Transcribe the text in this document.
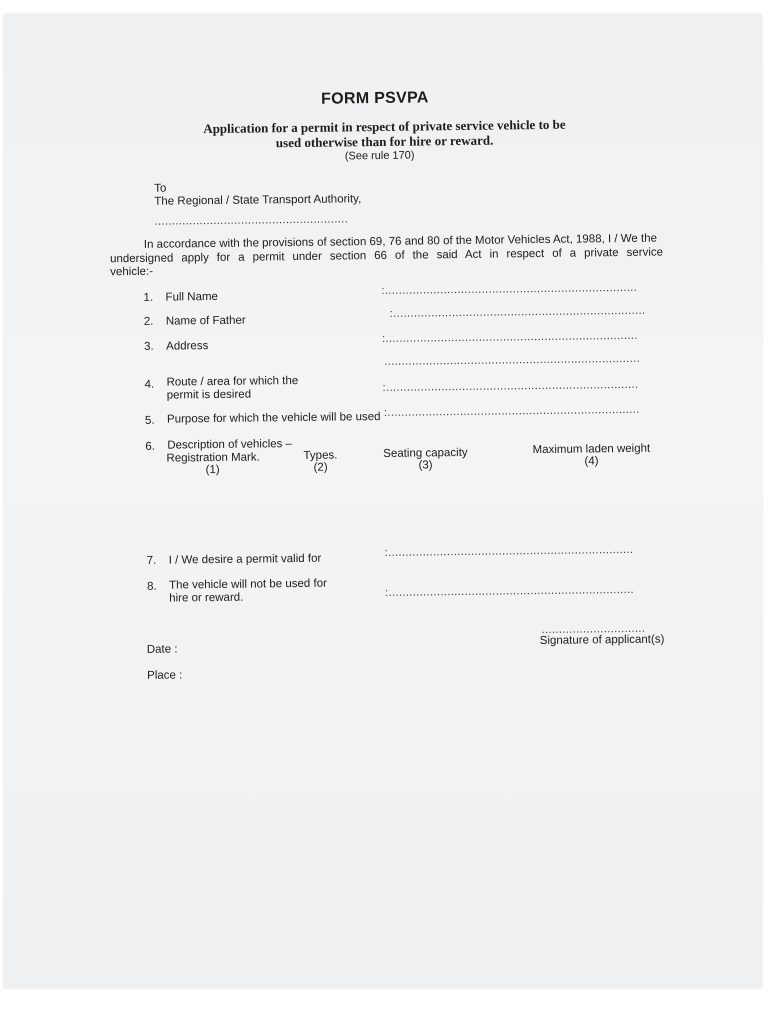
FORM PSVPA
Application for a permit in respect of private service vehicle to be
used otherwise than for hire or reward.
(See rule 170)
To
The Regional / State Transport Authority,
........................................................
In accordance with the provisions of section 69, 76 and 80 of the Motor Vehicles Act, 1988, I / We the
undersigned apply for a permit under section 66 of the said Act in respect of a private service
vehicle:-
1. Full Name
:.........................................................................
2. Name of Father
:.........................................................................
3. Address
:.........................................................................
..........................................................................
4. Route / area for which the
permit is desired
:.........................................................................
5. Purpose for which the vehicle will be used :.........................................................................
6. Description of vehicles –
Registration Mark.
(1)
Types.
(2)
Seating capacity
(3)
Maximum laden weight
(4)
7. I / We desire a permit valid for
:.......................................................................
8. The vehicle will not be used for
hire or reward.	:.......................................................................
..............................
Signature of applicant(s)
Date :
Place :
